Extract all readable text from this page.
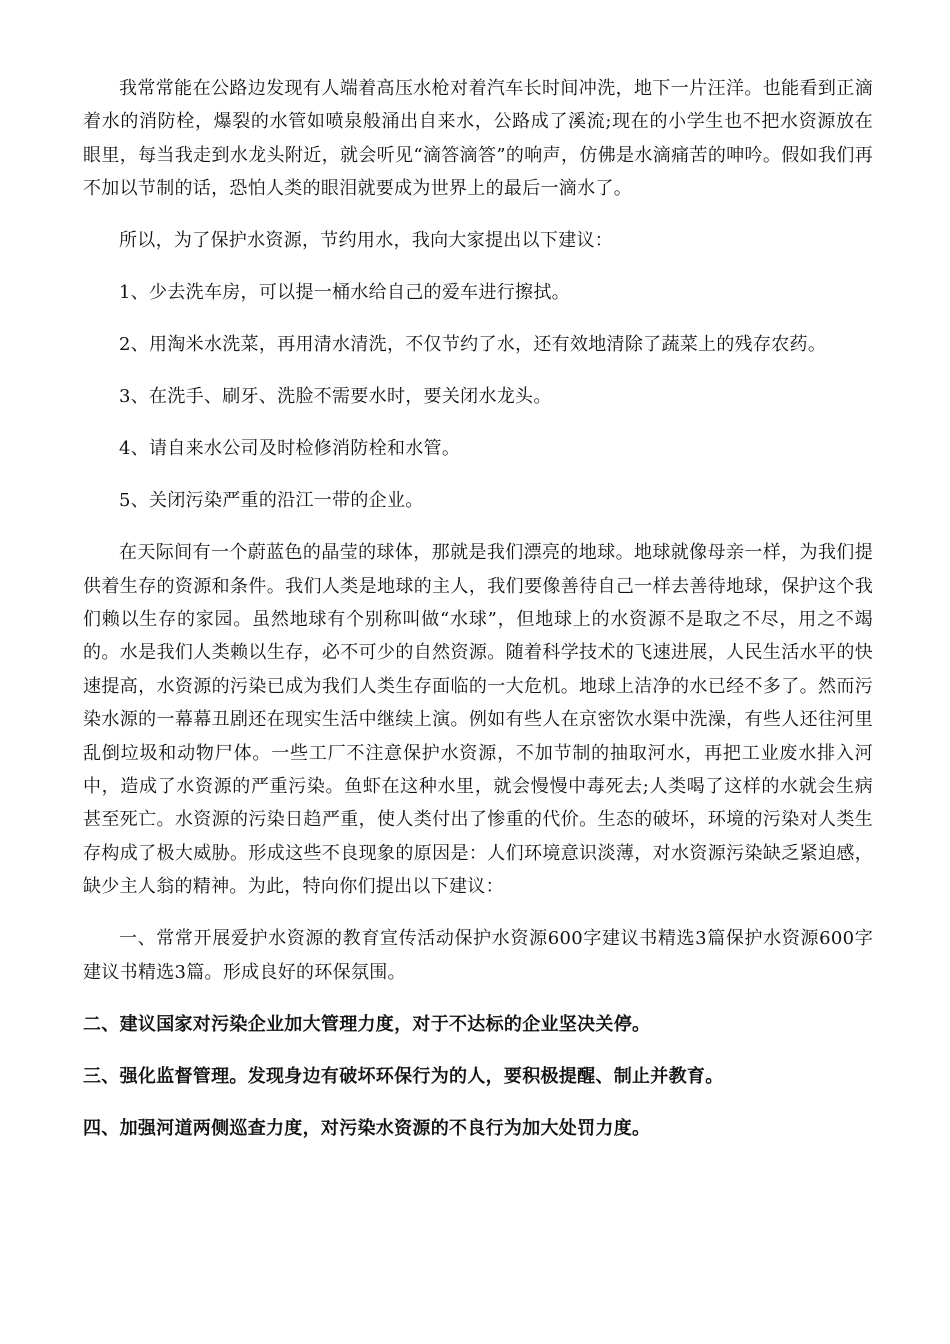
我常常能在公路边发现有人端着高压水枪对着汽车长时间冲洗，地下一片汪洋。也能看到正滴着水的消防栓，爆裂的水管如喷泉般涌出自来水，公路成了溪流;现在的小学生也不把水资源放在眼里，每当我走到水龙头附近，就会听见“滴答滴答”的响声，仿佛是水滴痛苦的呻吟。假如我们再不加以节制的话，恐怕人类的眼泪就要成为世界上的最后一滴水了。

所以，为了保护水资源，节约用水，我向大家提出以下建议：

1、少去洗车房，可以提一桶水给自己的爱车进行擦拭。

2、用淘米水洗菜，再用清水清洗，不仅节约了水，还有效地清除了蔬菜上的残存农药。

3、在洗手、刷牙、洗脸不需要水时，要关闭水龙头。

4、请自来水公司及时检修消防栓和水管。

5、关闭污染严重的沿江一带的企业。

在天际间有一个蔚蓝色的晶莹的球体，那就是我们漂亮的地球。地球就像母亲一样，为我们提供着生存的资源和条件。我们人类是地球的主人，我们要像善待自己一样去善待地球，保护这个我们赖以生存的家园。虽然地球有个别称叫做“水球”，但地球上的水资源不是取之不尽，用之不竭的。水是我们人类赖以生存，必不可少的自然资源。随着科学技术的飞速进展，人民生活水平的快速提高，水资源的污染已成为我们人类生存面临的一大危机。地球上洁净的水已经不多了。然而污染水源的一幕幕丑剧还在现实生活中继续上演。例如有些人在京密饮水渠中洗澡，有些人还往河里乱倒垃圾和动物尸体。一些工厂不注意保护水资源，不加节制的抽取河水，再把工业废水排入河中，造成了水资源的严重污染。鱼虾在这种水里，就会慢慢中毒死去;人类喝了这样的水就会生病甚至死亡。水资源的污染日趋严重，使人类付出了惨重的代价。生态的破坏，环境的污染对人类生存构成了极大威胁。形成这些不良现象的原因是：人们环境意识淡薄，对水资源污染缺乏紧迫感，缺少主人翁的精神。为此，特向你们提出以下建议：

一、常常开展爱护水资源的教育宣传活动保护水资源600字建议书精选3篇保护水资源600字建议书精选3篇。形成良好的环保氛围。

二、建议国家对污染企业加大管理力度，对于不达标的企业坚决关停。

三、强化监督管理。发现身边有破坏环保行为的人，要积极提醒、制止并教育。

四、加强河道两侧巡查力度，对污染水资源的不良行为加大处罚力度。
